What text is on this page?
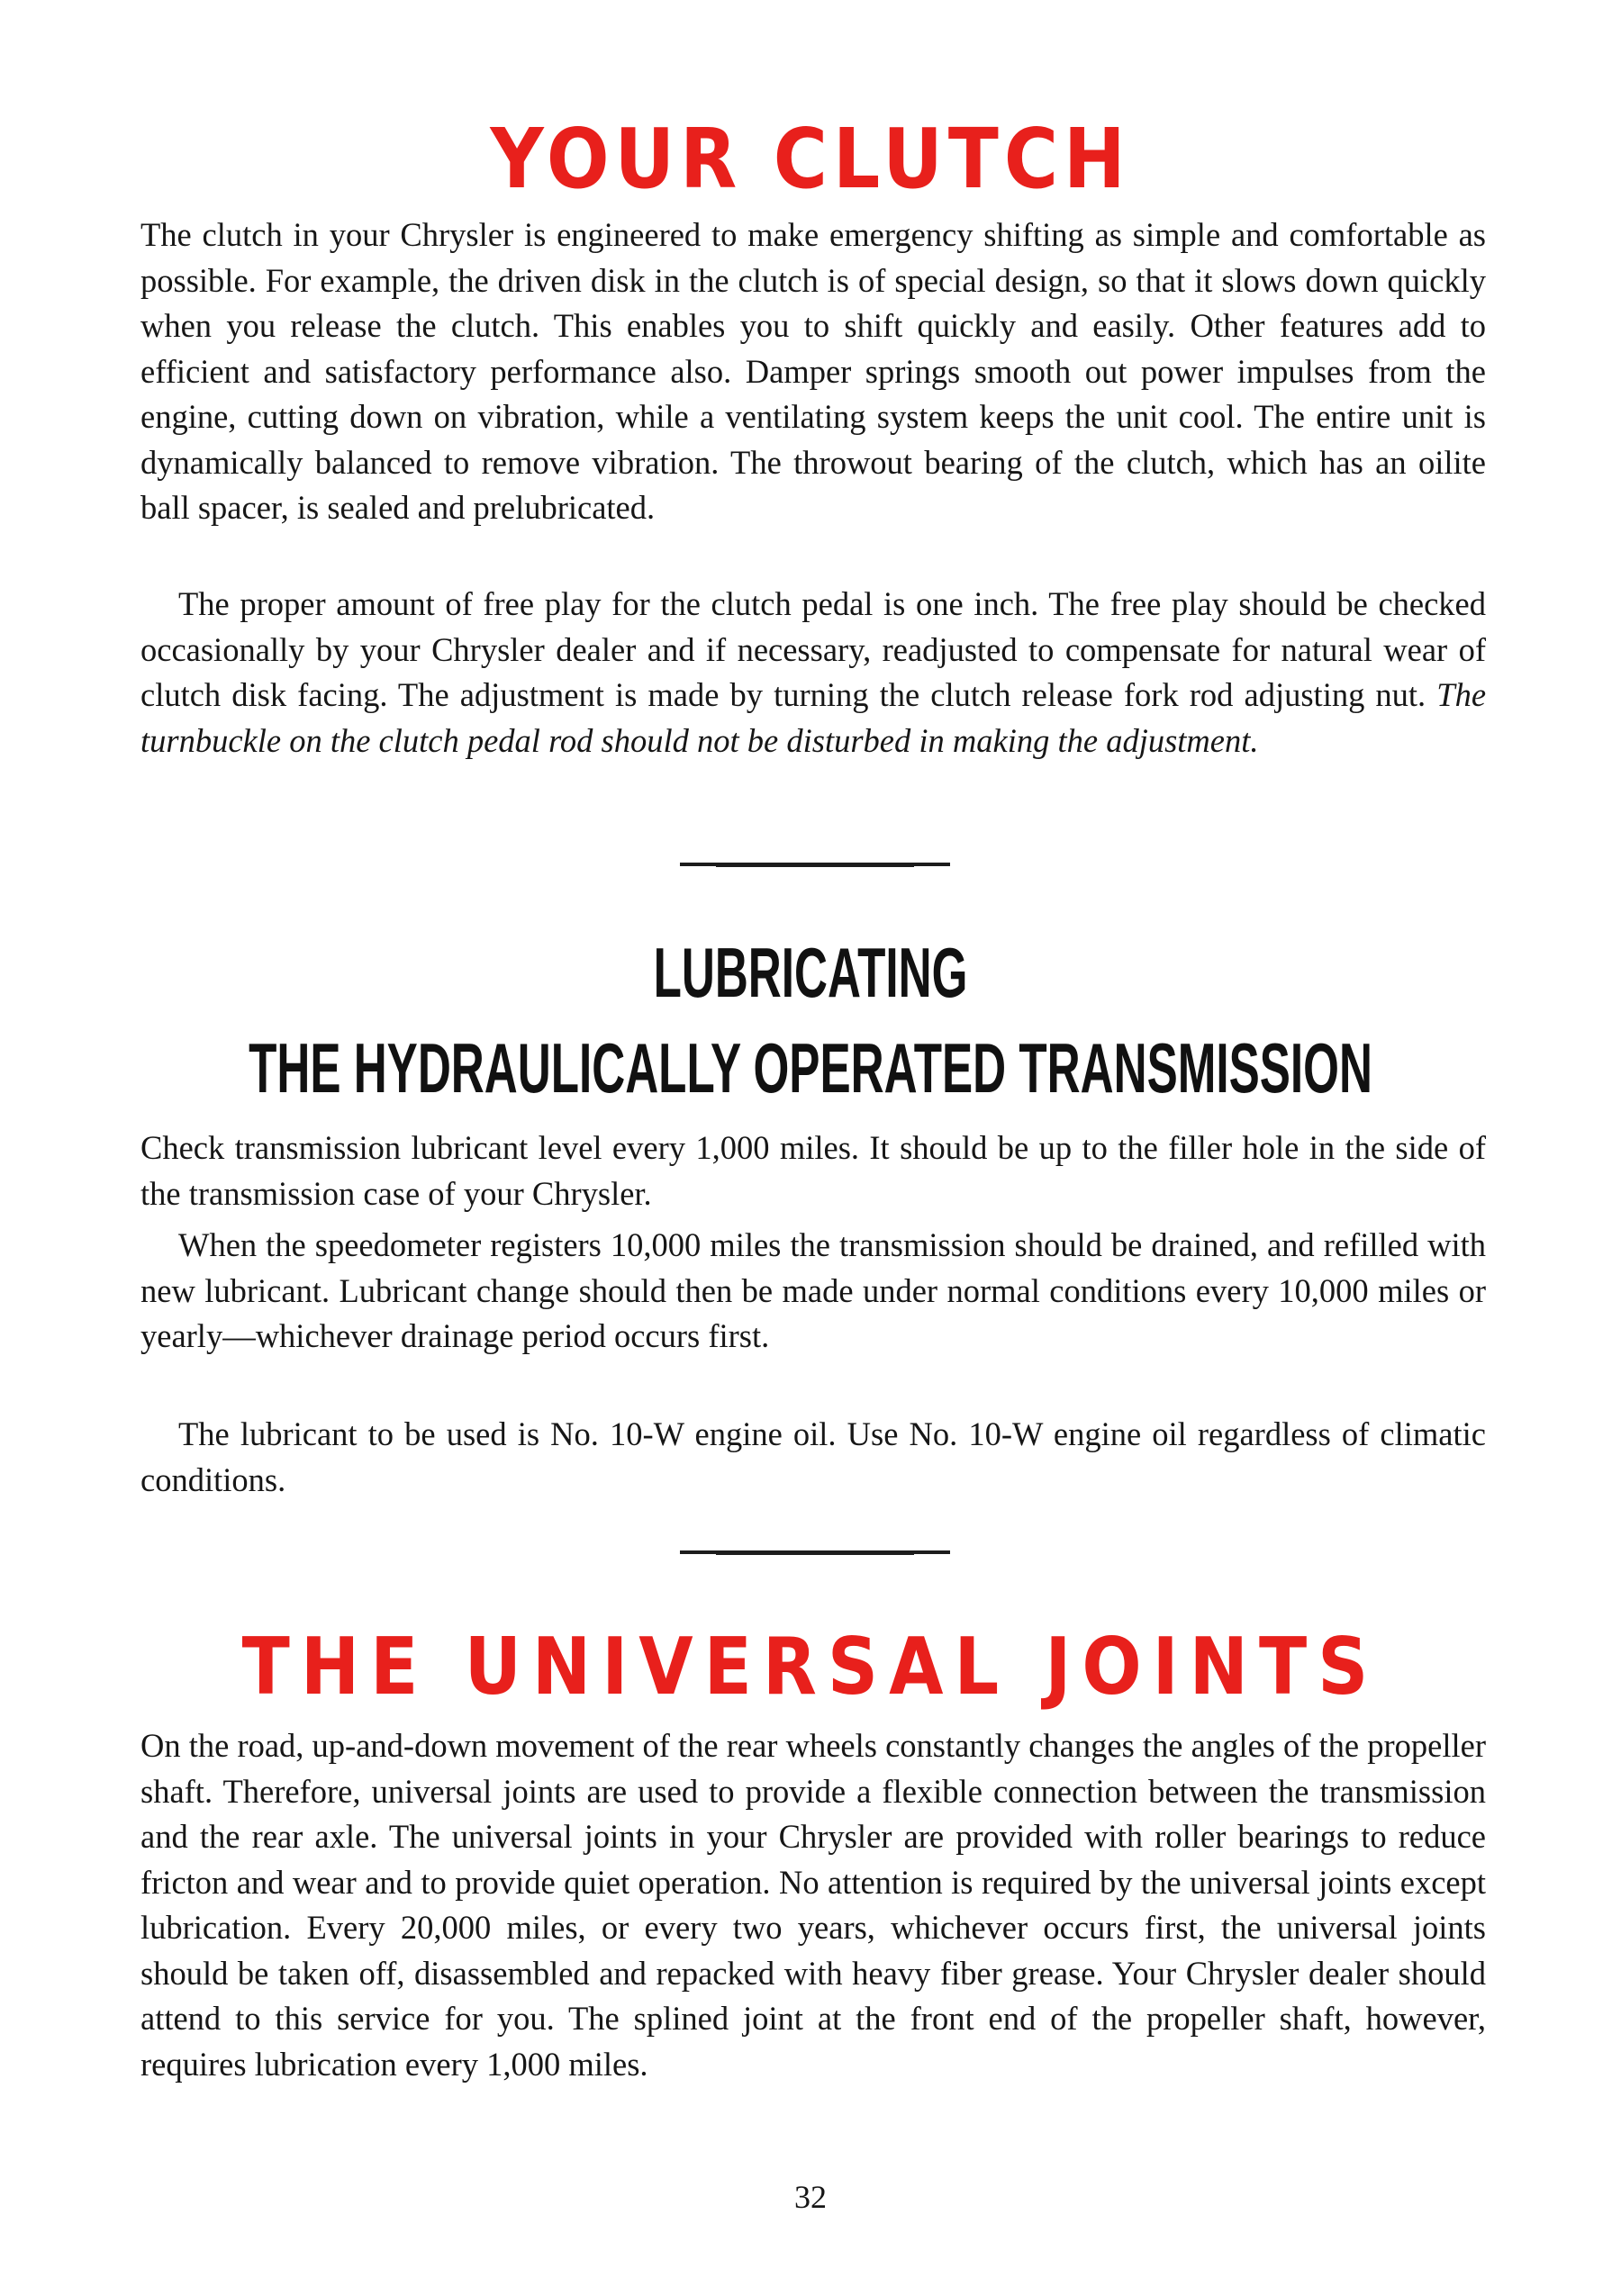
YOUR CLUTCH

The clutch in your Chrysler is engineered to make emergency shifting as simple and comfortable as possible. For example, the driven disk in the clutch is of special design, so that it slows down quickly when you release the clutch. This enables you to shift quickly and easily. Other features add to efficient and satisfactory performance also. Damper springs smooth out power impulses from the engine, cutting down on vibration, while a ventilating system keeps the unit cool. The entire unit is dynamically balanced to remove vibration. The throwout bearing of the clutch, which has an oilite ball spacer, is sealed and prelubricated.

The proper amount of free play for the clutch pedal is one inch. The free play should be checked occasionally by your Chrysler dealer and if necessary, readjusted to compensate for natural wear of clutch disk facing. The adjustment is made by turning the clutch release fork rod adjusting nut. The turnbuckle on the clutch pedal rod should not be disturbed in making the adjustment.

LUBRICATING
THE HYDRAULICALLY OPERATED TRANSMISSION

Check transmission lubricant level every 1,000 miles. It should be up to the filler hole in the side of the transmission case of your Chrysler.

When the speedometer registers 10,000 miles the transmission should be drained, and refilled with new lubricant. Lubricant change should then be made under normal conditions every 10,000 miles or yearly—whichever drainage period occurs first.

The lubricant to be used is No. 10-W engine oil. Use No. 10-W engine oil regardless of climatic conditions.

THE UNIVERSAL JOINTS

On the road, up-and-down movement of the rear wheels constantly changes the angles of the propeller shaft. Therefore, universal joints are used to provide a flexible connection between the transmission and the rear axle. The universal joints in your Chrysler are provided with roller bearings to reduce fricton and wear and to provide quiet operation. No attention is required by the universal joints except lubrication. Every 20,000 miles, or every two years, whichever occurs first, the universal joints should be taken off, disassembled and repacked with heavy fiber grease. Your Chrysler dealer should attend to this service for you. The splined joint at the front end of the propeller shaft, however, requires lubrication every 1,000 miles.

32
